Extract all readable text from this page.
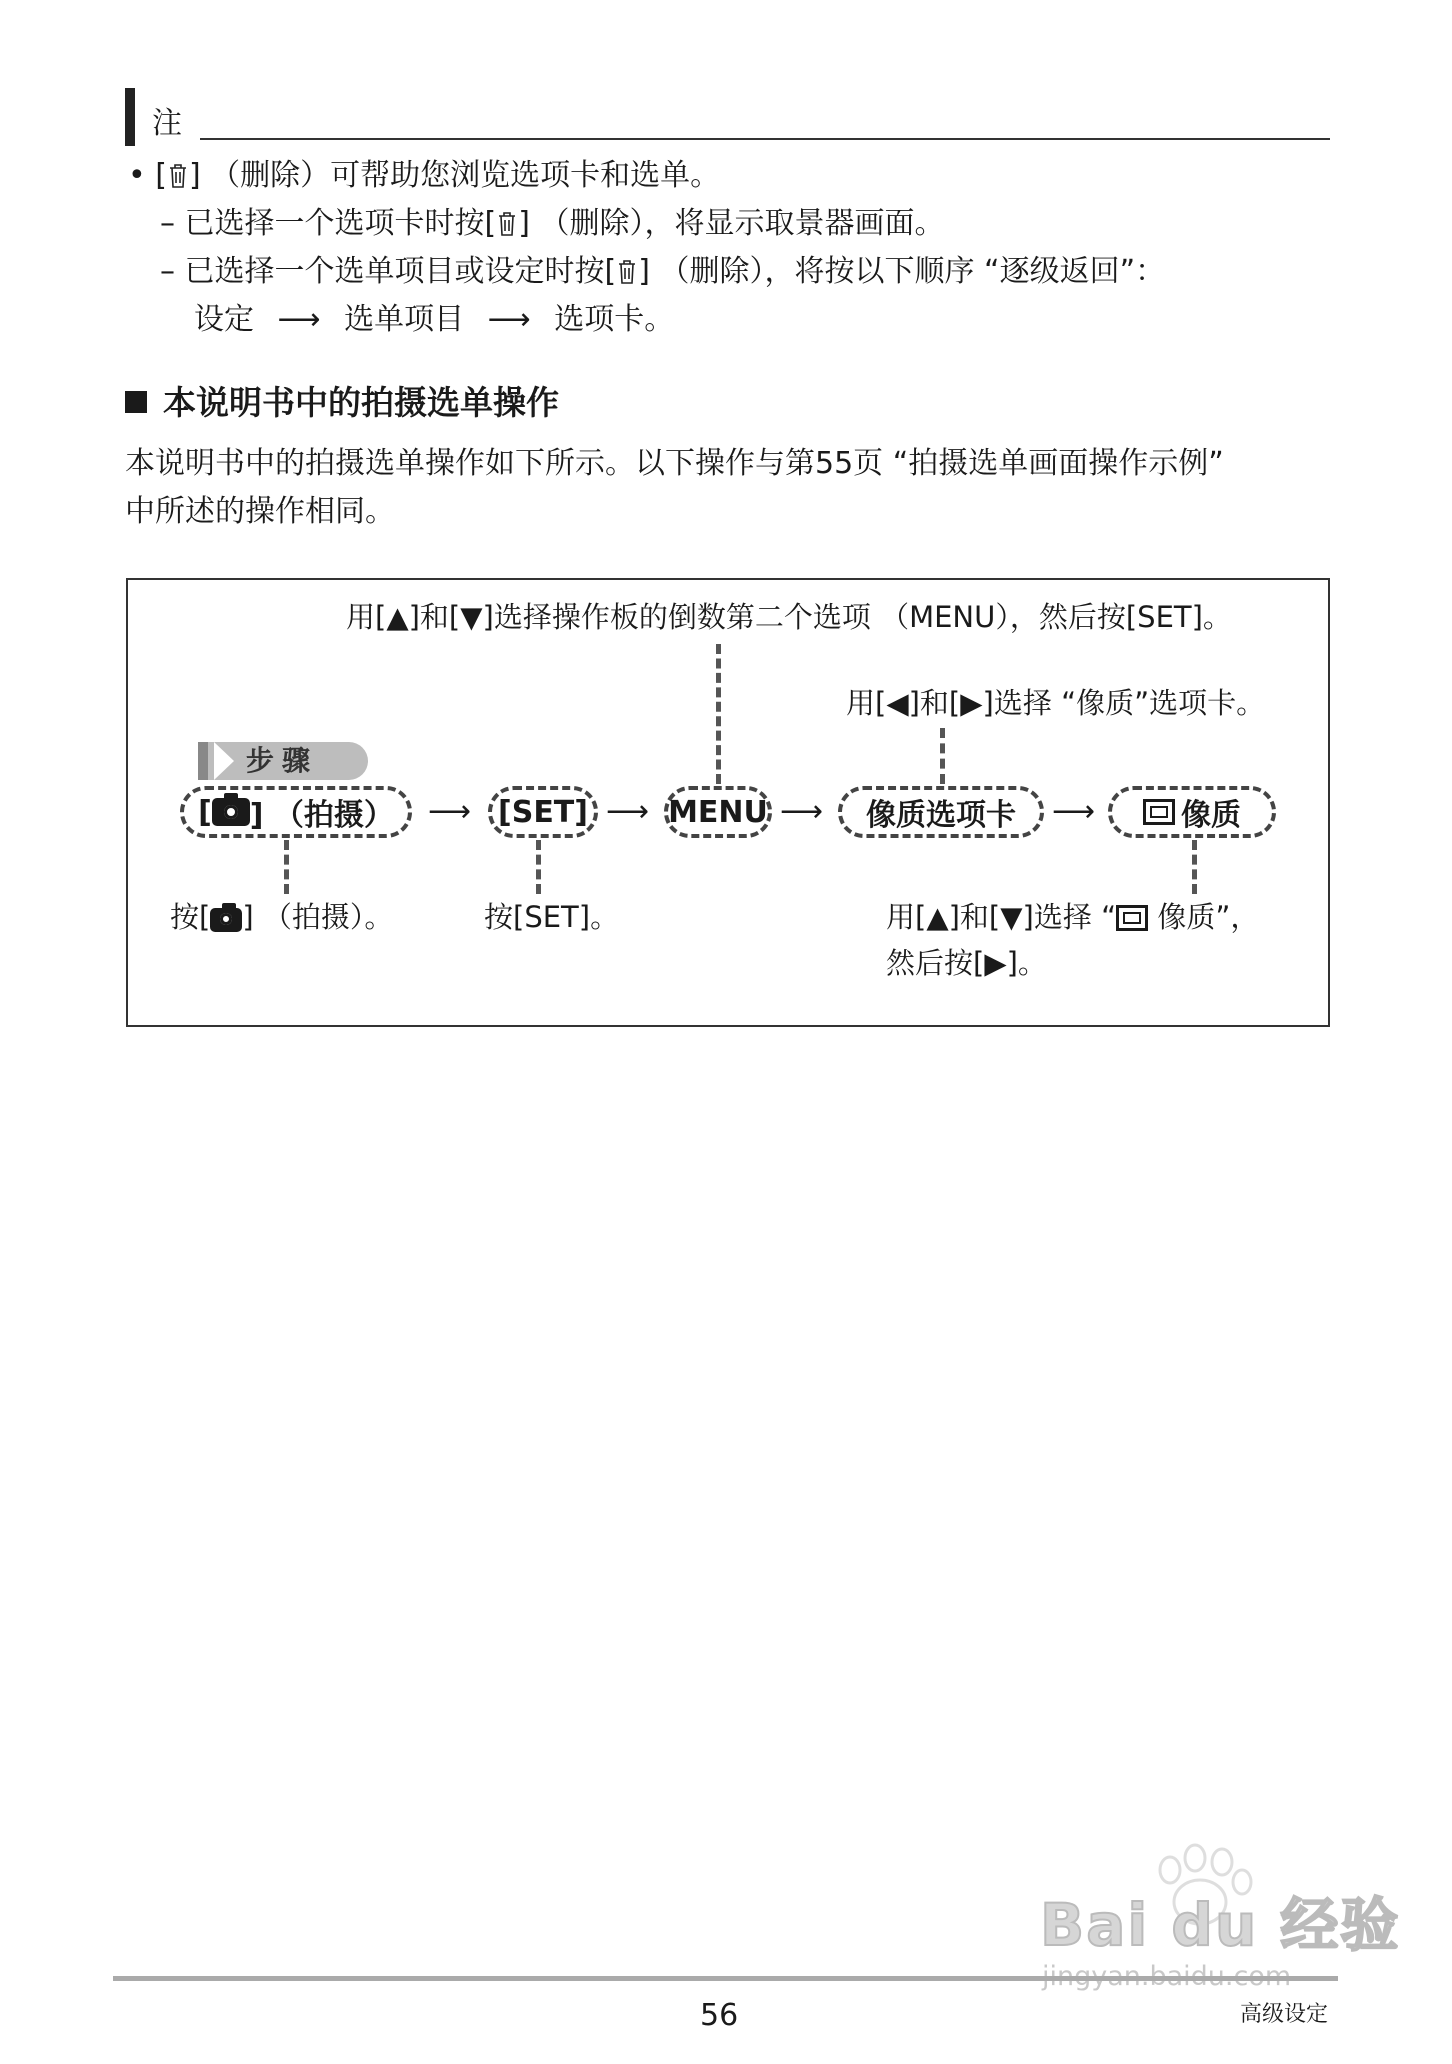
注
• [ ] （删除）可帮助您浏览选项卡和选单。
– 已选择一个选项卡时按[ ] （删除），将显示取景器画面。
– 已选择一个选单项目或设定时按[ ] （删除），将按以下顺序 “逐级返回”：
设定 ⟶ 选单项目 ⟶ 选项卡。
本说明书中的拍摄选单操作
本说明书中的拍摄选单操作如下所示。以下操作与第55页 “拍摄选单画面操作示例”
中所述的操作相同。
用[▲]和[▼]选择操作板的倒数第二个选项 （MENU），然后按[SET]。
用[◀]和[▶]选择 “像质”选项卡。
步骤
[ ] （拍摄） ⟶ [SET] ⟶ MENU ⟶	像质选项卡	⟶	像质
按[ ] （拍摄）。	按[SET]。	用[▲]和[▼]选择 “ 像质”，
然后按[▶]。
Bai du 经验
56	高级设定
